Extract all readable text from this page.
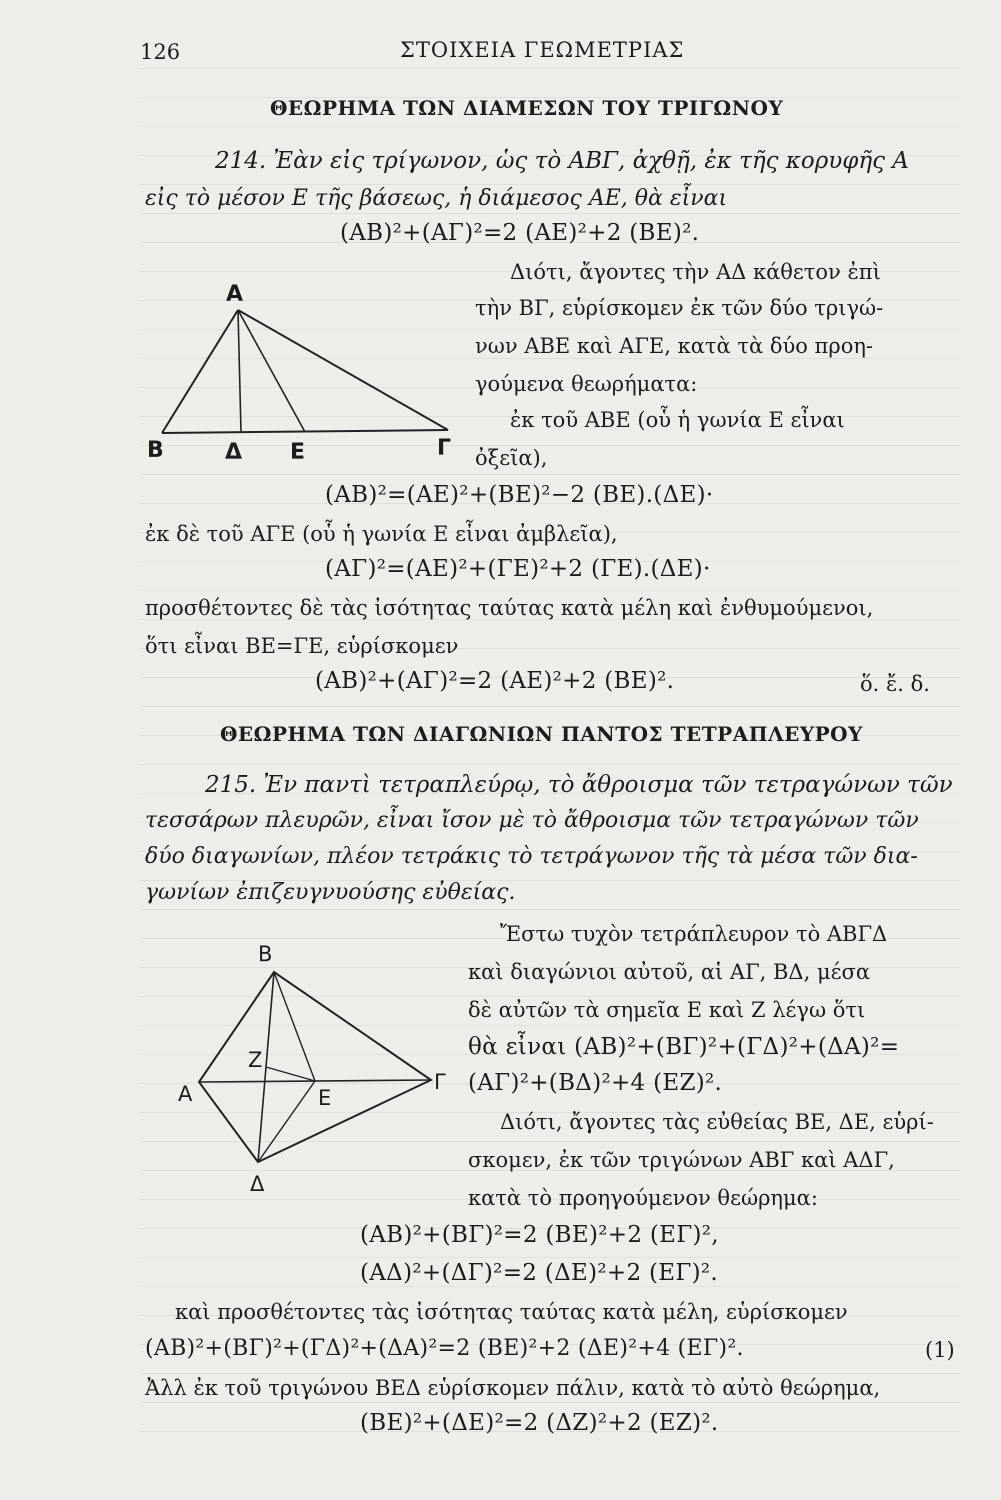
126	ΣΤΟΙΧΕΙΑ ΓΕΩΜΕΤΡΙΑΣ
ΘΕΩΡΗΜΑ ΤΩΝ ΔΙΑΜΕΣΩΝ ΤΟΥ ΤΡΙΓΩΝΟΥ
214. Ἐὰν εἰς τρίγωνον, ὡς τὸ ΑΒΓ, ἀχθῇ, ἐκ τῆς κορυφῆς Α
εἰς τὸ μέσον Ε τῆς βάσεως, ἡ διάμεσος ΑΕ, θὰ εἶναι
(ΑΒ)²+(ΑΓ)²=2 (ΑΕ)²+2 (ΒΕ)².
Α
Β	Δ Ε	Γ
Διότι, ἄγοντες τὴν ΑΔ κάθετον ἐπὶ
τὴν ΒΓ, εὑρίσκομεν ἐκ τῶν δύο τριγώ-
νων ΑΒΕ καὶ ΑΓΕ, κατὰ τὰ δύο προη-
γούμενα θεωρήματα:
ἐκ τοῦ ΑΒΕ (οὗ ἡ γωνία Ε εἶναι
ὀξεῖα),
(ΑΒ)²=(ΑΕ)²+(ΒΕ)²−2 (ΒΕ).(ΔΕ)·
ἐκ δὲ τοῦ ΑΓΕ (οὗ ἡ γωνία Ε εἶναι ἀμβλεῖα),
(ΑΓ)²=(ΑΕ)²+(ΓΕ)²+2 (ΓΕ).(ΔΕ)·
προσθέτοντες δὲ τὰς ἰσότητας ταύτας κατὰ μέλη καὶ ἐνθυμούμενοι,
ὅτι εἶναι ΒΕ=ΓΕ, εὑρίσκομεν
(ΑΒ)²+(ΑΓ)²=2 (ΑΕ)²+2 (ΒΕ)².	ὅ. ἔ. δ.
ΘΕΩΡΗΜΑ ΤΩΝ ΔΙΑΓΩΝΙΩΝ ΠΑΝΤΟΣ ΤΕΤΡΑΠΛΕΥΡΟΥ
215. Ἐν παντὶ τετραπλεύρῳ, τὸ ἄθροισμα τῶν τετραγώνων τῶν
τεσσάρων πλευρῶν, εἶναι ἴσον μὲ τὸ ἄθροισμα τῶν τετραγώνων τῶν
δύο διαγωνίων, πλέον τετράκις τὸ τετράγωνον τῆς τὰ μέσα τῶν δια-
γωνίων ἐπιζευγνυούσης εὐθείας.
Β
Α	Γ
Δ
Ε
Ζ
Ἔστω τυχὸν τετράπλευρον τὸ ΑΒΓΔ
καὶ διαγώνιοι αὐτοῦ, αἱ ΑΓ, ΒΔ, μέσα
δὲ αὐτῶν τὰ σημεῖα Ε καὶ Ζ λέγω ὅτι
θὰ εἶναι (ΑΒ)²+(ΒΓ)²+(ΓΔ)²+(ΔΑ)²=
(ΑΓ)²+(ΒΔ)²+4 (ΕΖ)².
Διότι, ἄγοντες τὰς εὐθείας ΒΕ, ΔΕ, εὑρί-
σκομεν, ἐκ τῶν τριγώνων ΑΒΓ καὶ ΑΔΓ,
κατὰ τὸ προηγούμενον θεώρημα:
(ΑΒ)²+(ΒΓ)²=2 (ΒΕ)²+2 (ΕΓ)²,
(ΑΔ)²+(ΔΓ)²=2 (ΔΕ)²+2 (ΕΓ)².
καὶ προσθέτοντες τὰς ἰσότητας ταύτας κατὰ μέλη, εὑρίσκομεν
(ΑΒ)²+(ΒΓ)²+(ΓΔ)²+(ΔΑ)²=2 (ΒΕ)²+2 (ΔΕ)²+4 (ΕΓ)².	(1)
Ἀλλ ἐκ τοῦ τριγώνου ΒΕΔ εὑρίσκομεν πάλιν, κατὰ τὸ αὐτὸ θεώρημα,
(ΒΕ)²+(ΔΕ)²=2 (ΔΖ)²+2 (ΕΖ)².
